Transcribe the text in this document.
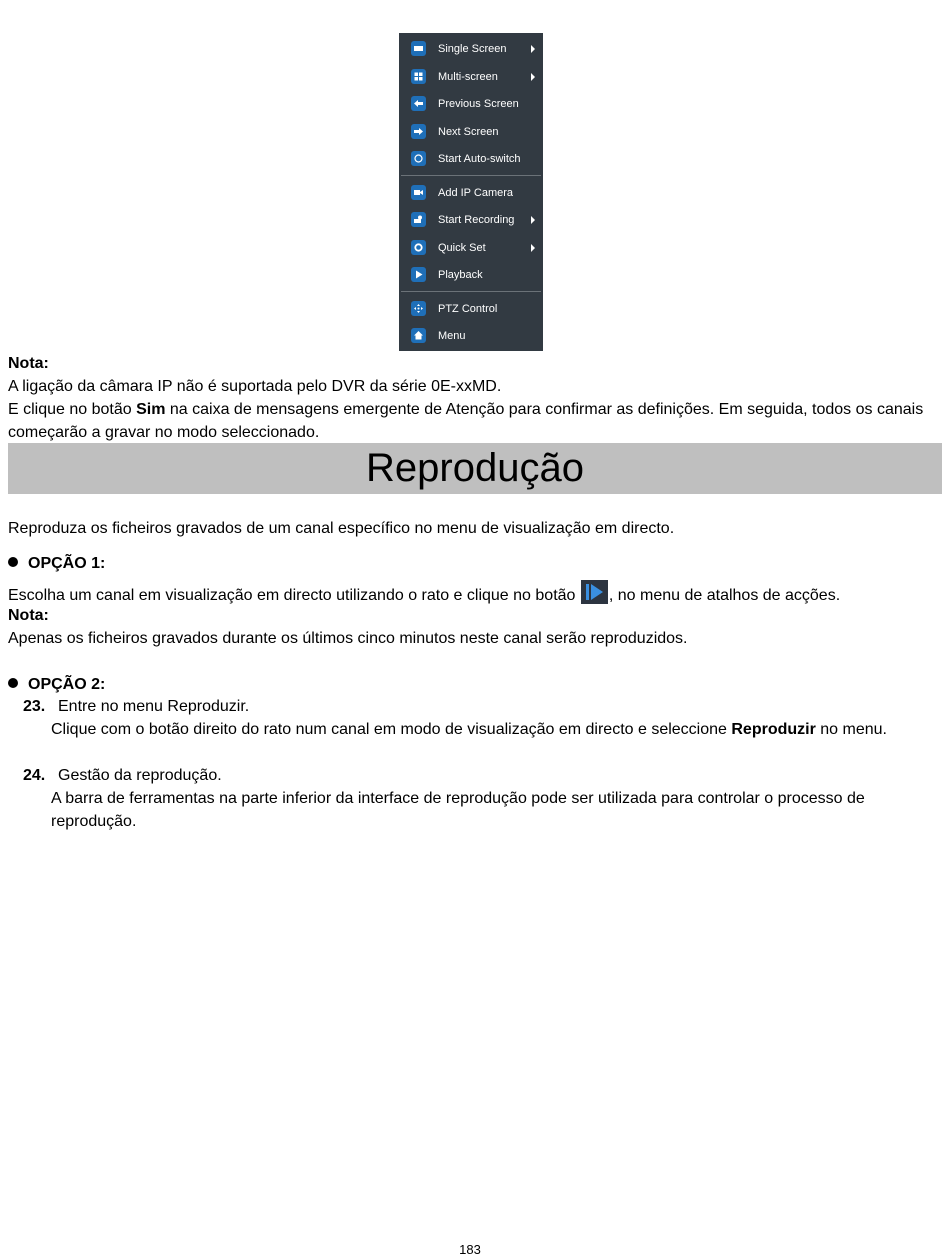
Single Screen
Multi-screen
Previous Screen
Next Screen
Start Auto-switch
Add IP Camera
Start Recording
Quick Set
Playback
PTZ Control
Menu
Nota:
A ligação da câmara IP não é suportada pelo DVR da série 0E-xxMD.
E clique no botão Sim na caixa de mensagens emergente de Atenção para confirmar as definições. Em seguida, todos os canais começarão a gravar no modo seleccionado.
Reprodução
Reproduza os ficheiros gravados de um canal específico no menu de visualização em directo.
OPÇÃO 1:
Escolha um canal em visualização em directo utilizando o rato e clique no botão
, no menu de atalhos de acções.
Nota:
Apenas os ficheiros gravados durante os últimos cinco minutos neste canal serão reproduzidos.
OPÇÃO 2:
23. Entre no menu Reproduzir.
Clique com o botão direito do rato num canal em modo de visualização em directo e seleccione Reproduzir no menu.
24. Gestão da reprodução.
A barra de ferramentas na parte inferior da interface de reprodução pode ser utilizada para controlar o processo de reprodução.
183
